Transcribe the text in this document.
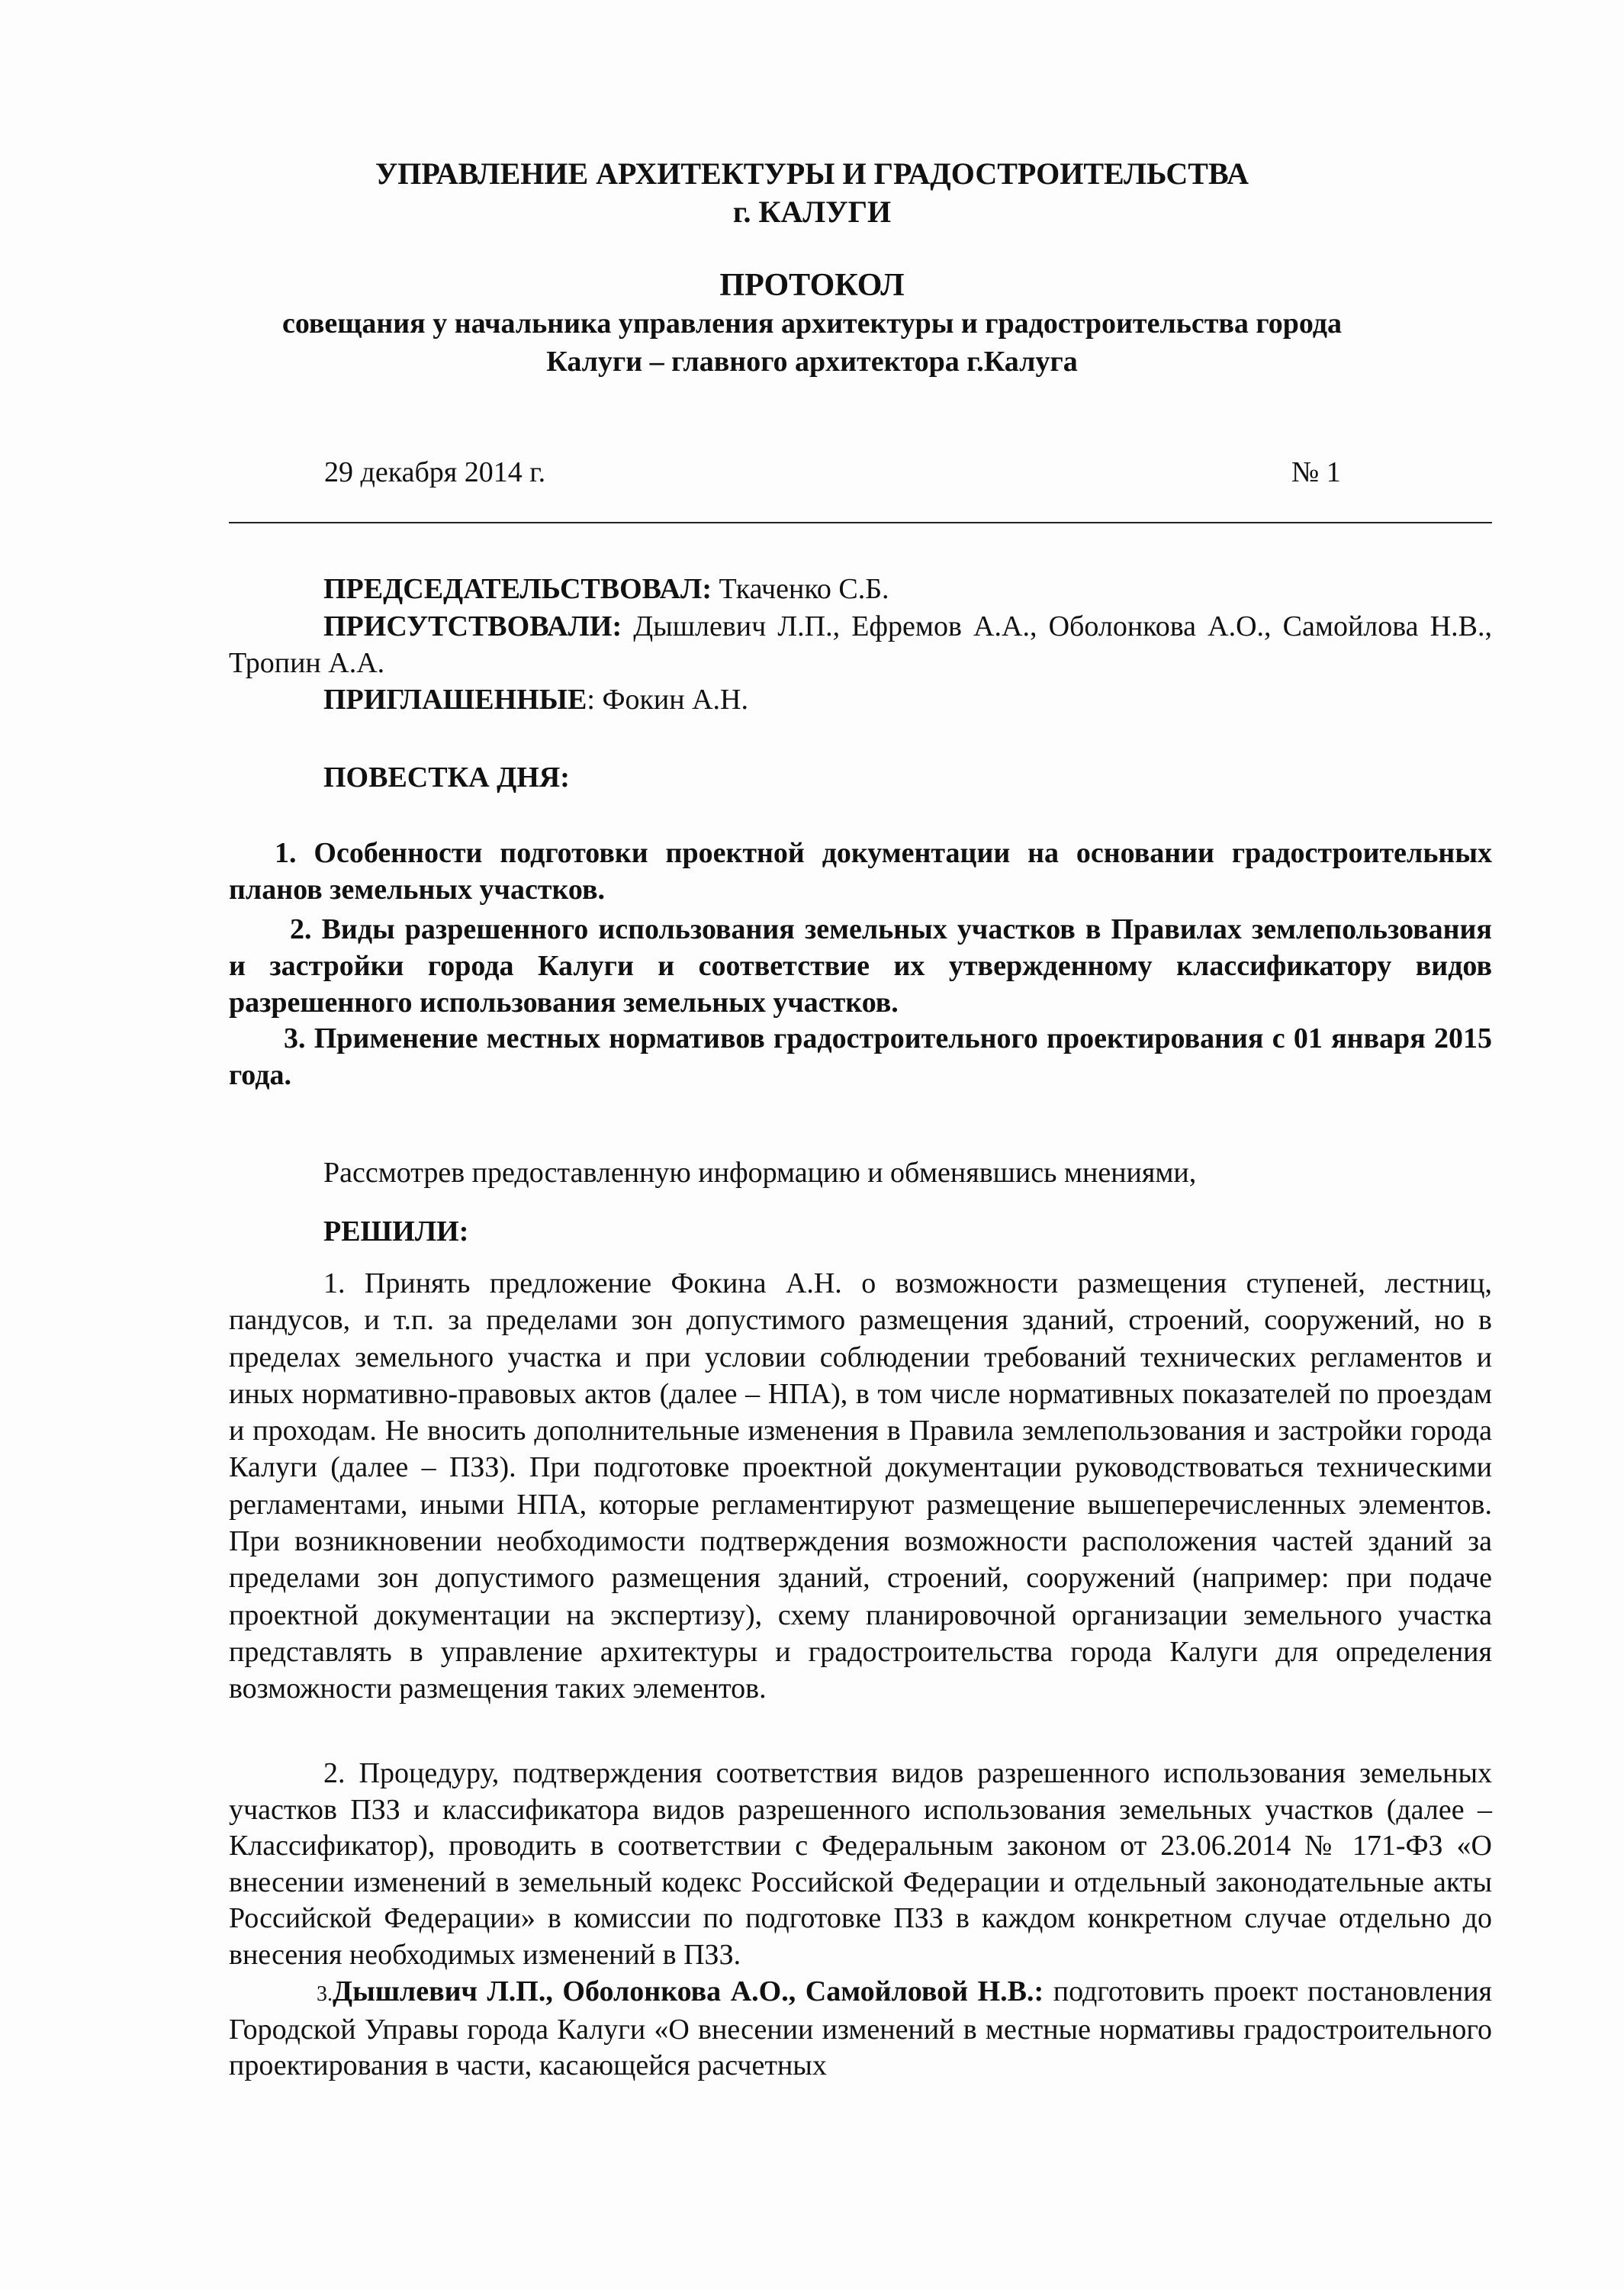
УПРАВЛЕНИЕ АРХИТЕКТУРЫ И ГРАДОСТРОИТЕЛЬСТВА
г. КАЛУГИ
ПРОТОКОЛ
совещания у начальника управления архитектуры и градостроительства города
Калуги – главного архитектора г.Калуга
29 декабря 2014 г.	№ 1
ПРЕДСЕДАТЕЛЬСТВОВАЛ: Ткаченко С.Б.
ПРИСУТСТВОВАЛИ: Дышлевич Л.П., Ефремов А.А., Оболонкова А.О., Самойлова Н.В., Тропин А.А.
ПРИГЛАШЕННЫЕ: Фокин А.Н.
ПОВЕСТКА ДНЯ:
1. Особенности подготовки проектной документации на основании градостроительных планов земельных участков.
2. Виды разрешенного использования земельных участков в Правилах землепользования и застройки города Калуги и соответствие их утвержденному классификатору видов разрешенного использования земельных участков.
3. Применение местных нормативов градостроительного проектирования с 01 января 2015 года.
Рассмотрев предоставленную информацию и обменявшись мнениями,
РЕШИЛИ:
1. Принять предложение Фокина А.Н. о возможности размещения ступеней, лестниц, пандусов, и т.п. за пределами зон допустимого размещения зданий, строений, сооружений, но в пределах земельного участка и при условии соблюдении требований технических регламентов и иных нормативно-правовых актов (далее – НПА), в том числе нормативных показателей по проездам и проходам. Не вносить дополнительные изменения в Правила землепользования и застройки города Калуги (далее – ПЗЗ). При подготовке проектной документации руководствоваться техническими регламентами, иными НПА, которые регламентируют размещение вышеперечисленных элементов. При возникновении необходимости подтверждения возможности расположения частей зданий за пределами зон допустимого размещения зданий, строений, сооружений (например: при подаче проектной документации на экспертизу), схему планировочной организации земельного участка представлять в управление архитектуры и градостроительства города Калуги для определения возможности размещения таких элементов.
2. Процедуру, подтверждения соответствия видов разрешенного использования земельных участков ПЗЗ и классификатора видов разрешенного использования земельных участков (далее – Классификатор), проводить в соответствии с Федеральным законом от 23.06.2014 № 171-ФЗ «О внесении изменений в земельный кодекс Российской Федерации и отдельный законодательные акты Российской Федерации» в комиссии по подготовке ПЗЗ в каждом конкретном случае отдельно до внесения необходимых изменений в ПЗЗ.
3.Дышлевич Л.П., Оболонкова А.О., Самойловой Н.В.: подготовить проект постановления Городской Управы города Калуги «О внесении изменений в местные нормативы градостроительного проектирования в части, касающейся расчетных
